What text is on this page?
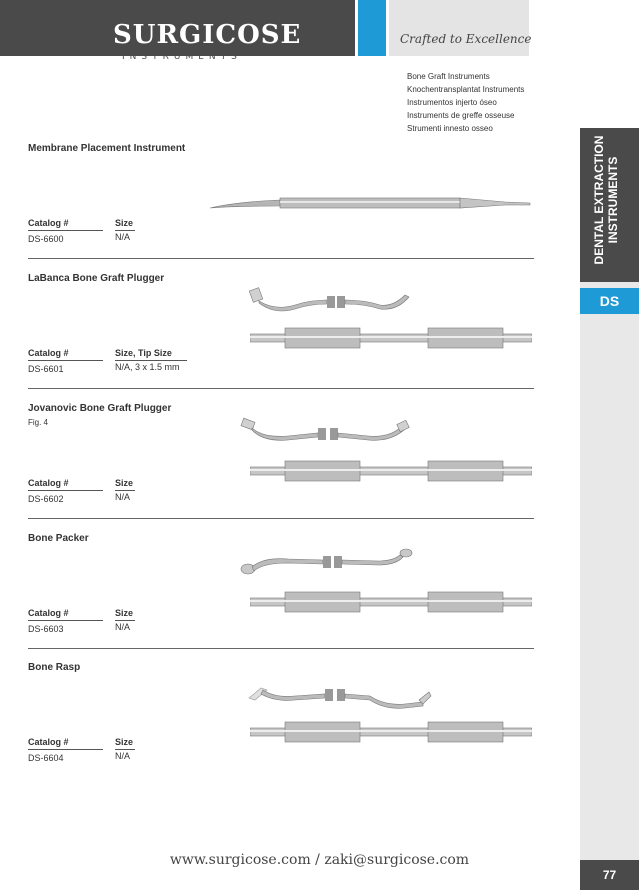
SURGICOSE
INSTRUMENTS
Crafted to Excellence
Bone Graft Instruments
Knochentransplantat Instruments
Instrumentos injerto óseo
Instruments de greffe osseuse
Strumenti innesto osseo
DENTAL EXTRACTION INSTRUMENTS
DS
77
Membrane Placement Instrument
Catalog #
DS-6600
Size
N/A
LaBanca Bone Graft Plugger
Catalog #
DS-6601
Size, Tip Size
N/A, 3 x 1.5 mm
Jovanovic Bone Graft Plugger
Fig. 4
Catalog #
DS-6602
Size
N/A
Bone Packer
Catalog #
DS-6603
Size
N/A
Bone Rasp
Catalog #
DS-6604
Size
N/A
www.surgicose.com / zaki@surgicose.com
